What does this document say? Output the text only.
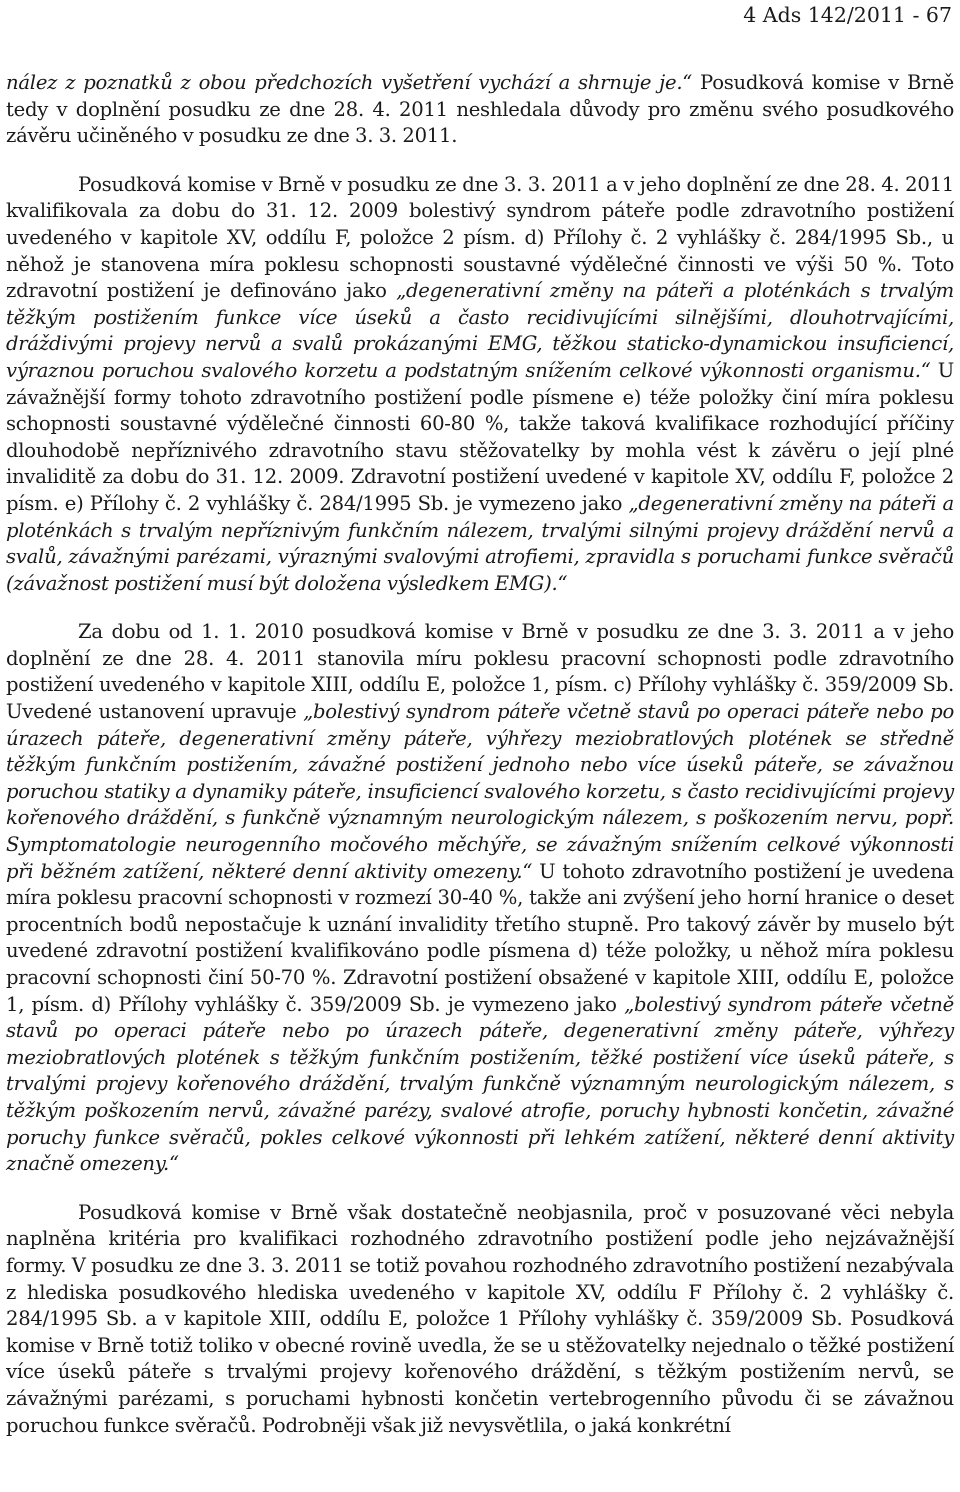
4 Ads 142/2011 - 67

nález z poznatků z obou předchozích vyšetření vychází a shrnuje je.“ Posudková komise v Brně tedy v doplnění posudku ze dne 28. 4. 2011 neshledala důvody pro změnu svého posudkového závěru učiněného v posudku ze dne 3. 3. 2011.

Posudková komise v Brně v posudku ze dne 3. 3. 2011 a v jeho doplnění ze dne 28. 4. 2011 kvalifikovala za dobu do 31. 12. 2009 bolestivý syndrom páteře podle zdravotního postižení uvedeného v kapitole XV, oddílu F, položce 2 písm. d) Přílohy č. 2 vyhlášky č. 284/1995 Sb., u něhož je stanovena míra poklesu schopnosti soustavné výdělečné činnosti ve výši 50 %. Toto zdravotní postižení je definováno jako „degenerativní změny na páteři a ploténkách s trvalým těžkým postižením funkce více úseků a často recidivujícími silnějšími, dlouhotrvajícími, dráždivými projevy nervů a svalů prokázanými EMG, těžkou staticko-dynamickou insuficiencí, výraznou poruchou svalového korzetu a podstatným snížením celkové výkonnosti organismu.“ U závažnější formy tohoto zdravotního postižení podle písmene e) téže položky činí míra poklesu schopnosti soustavné výdělečné činnosti 60-80 %, takže taková kvalifikace rozhodující příčiny dlouhodobě nepříznivého zdravotního stavu stěžovatelky by mohla vést k závěru o její plné invaliditě za dobu do 31. 12. 2009. Zdravotní postižení uvedené v kapitole XV, oddílu F, položce 2 písm. e) Přílohy č. 2 vyhlášky č. 284/1995 Sb. je vymezeno jako „degenerativní změny na páteři a ploténkách s trvalým nepříznivým funkčním nálezem, trvalými silnými projevy dráždění nervů a svalů, závažnými parézami, výraznými svalovými atrofiemi, zpravidla s poruchami funkce svěračů (závažnost postižení musí být doložena výsledkem EMG).“

Za dobu od 1. 1. 2010 posudková komise v Brně v posudku ze dne 3. 3. 2011 a v jeho doplnění ze dne 28. 4. 2011 stanovila míru poklesu pracovní schopnosti podle zdravotního postižení uvedeného v kapitole XIII, oddílu E, položce 1, písm. c) Přílohy vyhlášky č. 359/2009 Sb. Uvedené ustanovení upravuje „bolestivý syndrom páteře včetně stavů po operaci páteře nebo po úrazech páteře, degenerativní změny páteře, výhřezy meziobratlových plotének se středně těžkým funkčním postižením, závažné postižení jednoho nebo více úseků páteře, se závažnou poruchou statiky a dynamiky páteře, insuficiencí svalového korzetu, s často recidivujícími projevy kořenového dráždění, s funkčně významným neurologickým nálezem, s poškozením nervu, popř. Symptomatologie neurogenního močového měchýře, se závažným snížením celkové výkonnosti při běžném zatížení, některé denní aktivity omezeny.“ U tohoto zdravotního postižení je uvedena míra poklesu pracovní schopnosti v rozmezí 30-40 %, takže ani zvýšení jeho horní hranice o deset procentních bodů nepostačuje k uznání invalidity třetího stupně. Pro takový závěr by muselo být uvedené zdravotní postižení kvalifikováno podle písmena d) téže položky, u něhož míra poklesu pracovní schopnosti činí 50-70 %. Zdravotní postižení obsažené v kapitole XIII, oddílu E, položce 1, písm. d) Přílohy vyhlášky č. 359/2009 Sb. je vymezeno jako „bolestivý syndrom páteře včetně stavů po operaci páteře nebo po úrazech páteře, degenerativní změny páteře, výhřezy meziobratlových plotének s těžkým funkčním postižením, těžké postižení více úseků páteře, s trvalými projevy kořenového dráždění, trvalým funkčně významným neurologickým nálezem, s těžkým poškozením nervů, závažné parézy, svalové atrofie, poruchy hybnosti končetin, závažné poruchy funkce svěračů, pokles celkové výkonnosti při lehkém zatížení, některé denní aktivity značně omezeny.“

Posudková komise v Brně však dostatečně neobjasnila, proč v posuzované věci nebyla naplněna kritéria pro kvalifikaci rozhodného zdravotního postižení podle jeho nejzávažnější formy. V posudku ze dne 3. 3. 2011 se totiž povahou rozhodného zdravotního postižení nezabývala z hlediska posudkového hlediska uvedeného v kapitole XV, oddílu F Přílohy č. 2 vyhlášky č. 284/1995 Sb. a v kapitole XIII, oddílu E, položce 1 Přílohy vyhlášky č. 359/2009 Sb. Posudková komise v Brně totiž toliko v obecné rovině uvedla, že se u stěžovatelky nejednalo o těžké postižení více úseků páteře s trvalými projevy kořenového dráždění, s těžkým postižením nervů, se závažnými parézami, s poruchami hybnosti končetin vertebrogenního původu či se závažnou poruchou funkce svěračů. Podrobněji však již nevysvětlila, o jaká konkrétní
